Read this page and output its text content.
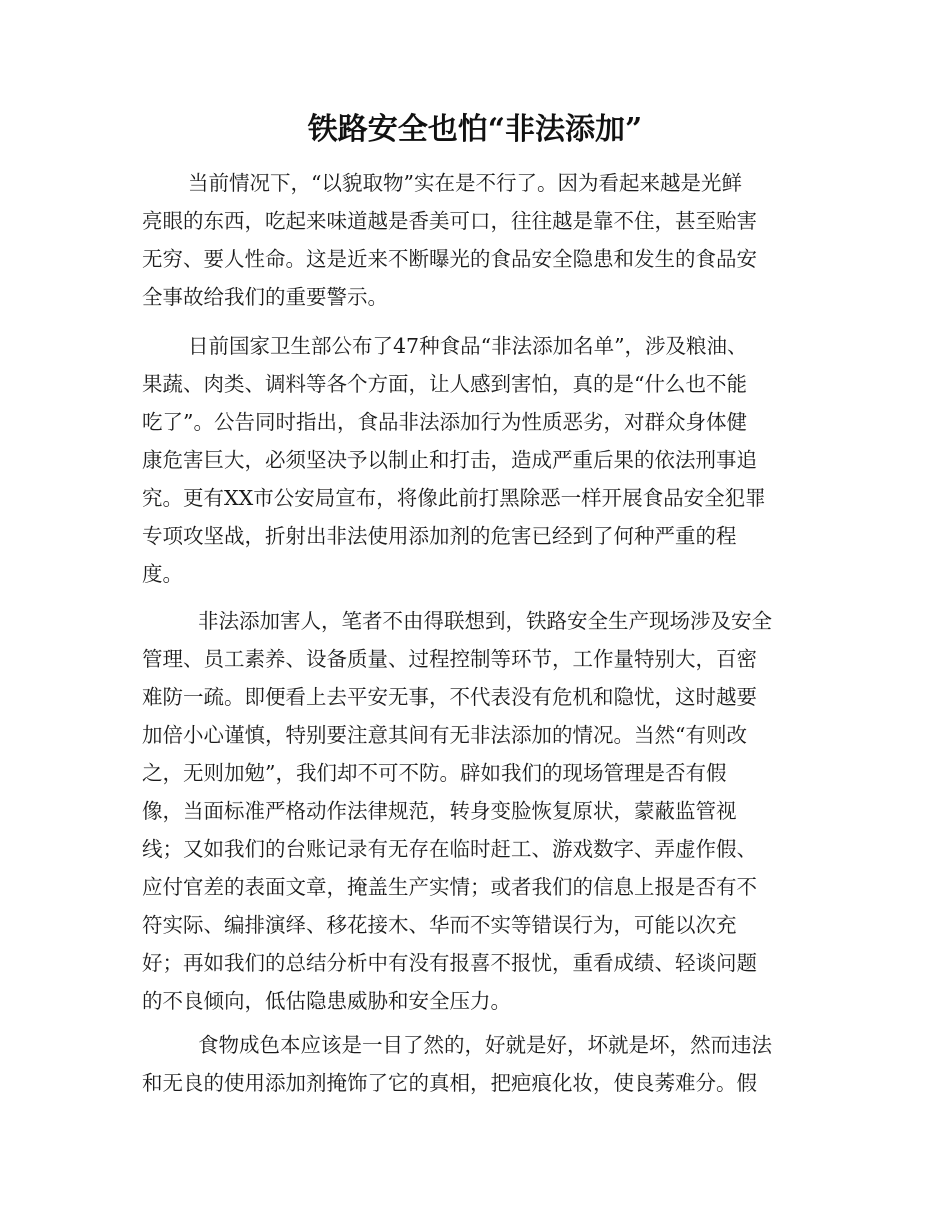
铁路安全也怕“非法添加”

当前情况下，“以貌取物”实在是不行了。因为看起来越是光鲜
亮眼的东西，吃起来味道越是香美可口，往往越是靠不住，甚至贻害
无穷、要人性命。这是近来不断曝光的食品安全隐患和发生的食品安
全事故给我们的重要警示。

日前国家卫生部公布了47种食品“非法添加名单”，涉及粮油、
果蔬、肉类、调料等各个方面，让人感到害怕，真的是“什么也不能
吃了”。公告同时指出，食品非法添加行为性质恶劣，对群众身体健
康危害巨大，必须坚决予以制止和打击，造成严重后果的依法刑事追
究。更有XX市公安局宣布，将像此前打黑除恶一样开展食品安全犯罪
专项攻坚战，折射出非法使用添加剂的危害已经到了何种严重的程
度。

非法添加害人，笔者不由得联想到，铁路安全生产现场涉及安全
管理、员工素养、设备质量、过程控制等环节，工作量特别大，百密
难防一疏。即便看上去平安无事，不代表没有危机和隐忧，这时越要
加倍小心谨慎，特别要注意其间有无非法添加的情况。当然“有则改
之，无则加勉”，我们却不可不防。辟如我们的现场管理是否有假
像，当面标准严格动作法律规范，转身变脸恢复原状，蒙蔽监管视
线；又如我们的台账记录有无存在临时赶工、游戏数字、弄虚作假、
应付官差的表面文章，掩盖生产实情；或者我们的信息上报是否有不
符实际、编排演绎、移花接木、华而不实等错误行为，可能以次充
好；再如我们的总结分析中有没有报喜不报忧，重看成绩、轻谈问题
的不良倾向，低估隐患威胁和安全压力。

食物成色本应该是一目了然的，好就是好，坏就是坏，然而违法
和无良的使用添加剂掩饰了它的真相，把疤痕化妆，使良莠难分。假
